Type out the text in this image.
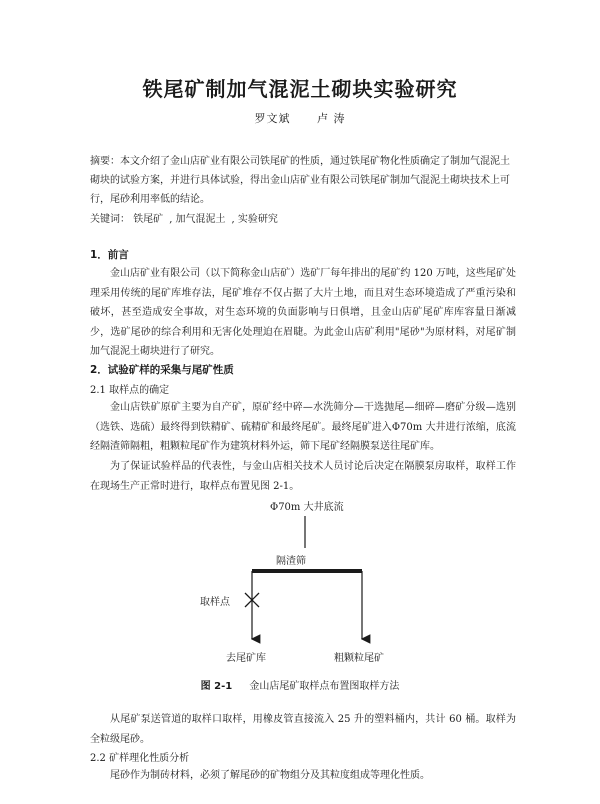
铁尾矿制加气混泥土砌块实验研究
罗文斌 卢 涛
摘要：本文介绍了金山店矿业有限公司铁尾矿的性质，通过铁尾矿物化性质确定了制加气混泥土砌块的试验方案，并进行具体试验，得出金山店矿业有限公司铁尾矿制加气混泥土砌块技术上可行，尾砂利用率低的结论。
关键词： 铁尾矿 , 加气混泥土 , 实验研究
1．前言
金山店矿业有限公司（以下简称金山店矿）选矿厂每年排出的尾矿约 120 万吨，这些尾矿处理采用传统的尾矿库堆存法，尾矿堆存不仅占据了大片土地，而且对生态环境造成了严重污染和破坏，甚至造成安全事故，对生态环境的负面影响与日俱增，且金山店矿尾矿库库容量日渐减少，选矿尾砂的综合利用和无害化处理迫在眉睫。为此金山店矿利用"尾砂"为原材料，对尾矿制加气混泥土砌块进行了研究。
2．试验矿样的采集与尾矿性质
2.1 取样点的确定
金山店铁矿原矿主要为自产矿，原矿经中碎—水洗筛分—干选抛尾—细碎—磨矿分级—选别（选铁、选硫）最终得到铁精矿、硫精矿和最终尾矿。最终尾矿进入Φ70m 大井进行浓缩，底流经隔渣筛隔粗，粗颗粒尾矿作为建筑材料外运，筛下尾矿经隔膜泵送往尾矿库。
为了保证试验样品的代表性，与金山店相关技术人员讨论后决定在隔膜泵房取样，取样工作在现场生产正常时进行，取样点布置见图 2-1。
Φ70m 大井底流
隔渣筛
取样点
去尾矿库	粗颗粒尾矿
图 2-1 金山店尾矿取样点布置图取样方法
从尾矿泵送管道的取样口取样，用橡皮管直接流入 25 升的塑料桶内，共计 60 桶。取样为全粒级尾砂。
2.2 矿样理化性质分析
尾砂作为制砖材料，必须了解尾砂的矿物组分及其粒度组成等理化性质。
